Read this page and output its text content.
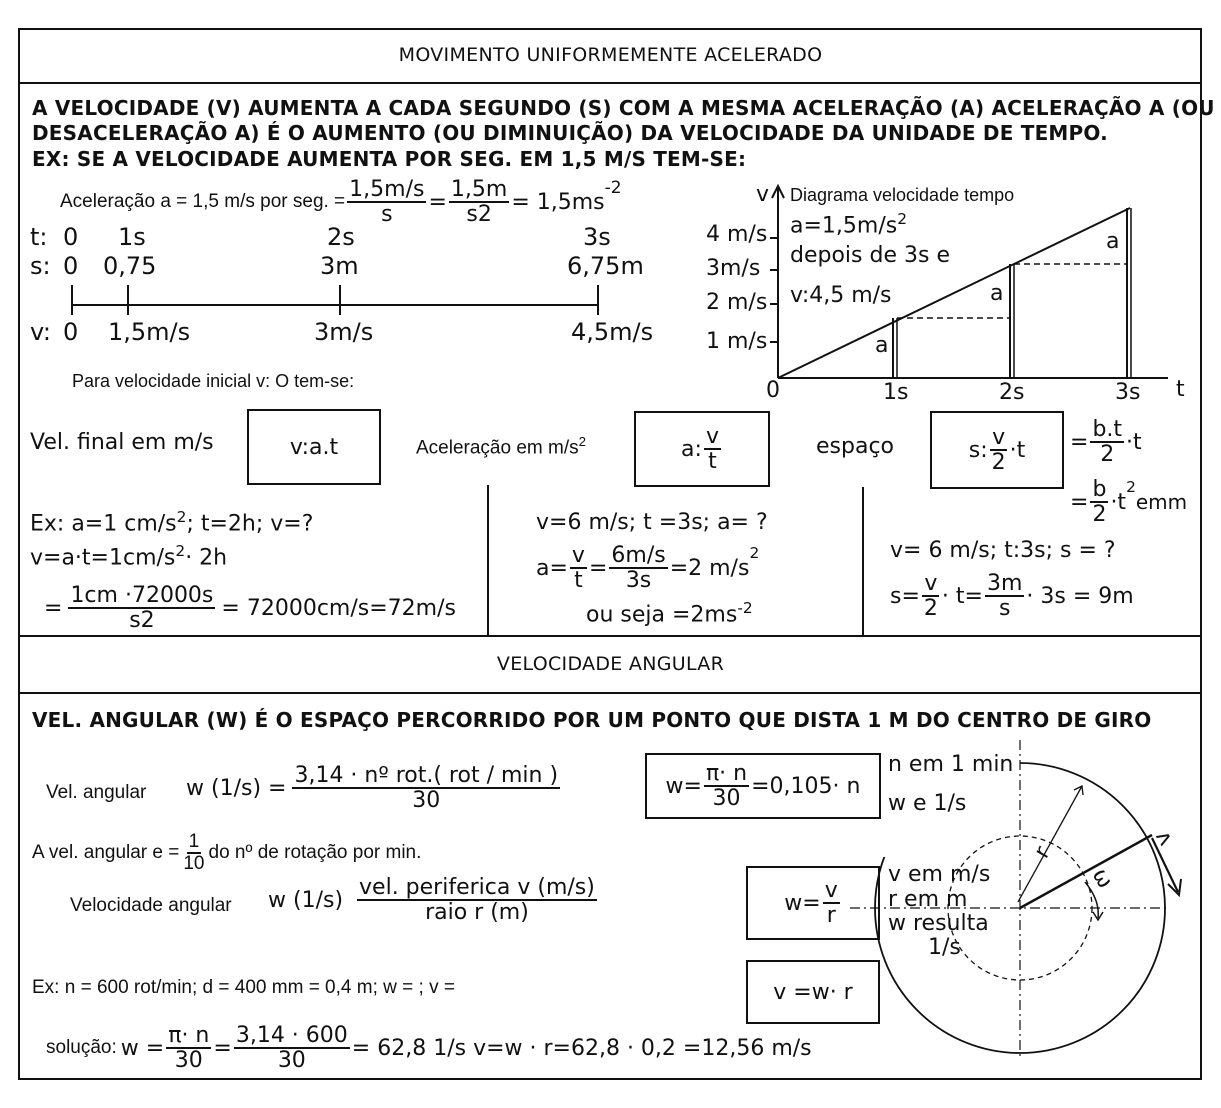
MOVIMENTO UNIFORMEMENTE ACELERADO
A VELOCIDADE (V) AUMENTA A CADA SEGUNDO (S) COM A MESMA ACELERAÇÃO (A) ACELERAÇÃO A (OU
DESACELERAÇÃO A) É O AUMENTO (OU DIMINUIÇÃO) DA VELOCIDADE DA UNIDADE DE TEMPO.
EX: SE A VELOCIDADE AUMENTA POR SEG. EM 1,5 M/S TEM-SE:
Aceleração a = 1,5 m/s por seg. = $\frac{1,5m/s}{s} = \frac{1,5m}{s2} = 1,5ms$
-2
t:
s:
v:
0 1s	2s	3s
0 0,75	3m	6,75m
0 1,5m/s	3m/s	4,5m/s
v
t
Diagrama velocidade tempo
$a=1,5m/s^2$
depois de 3s e
v:4,5 m/s
4 m/s
3m/s
2 m/s
1 m/s
0	1s	2s	3s
a
a
a
Para velocidade inicial v: O tem-se:
Vel. final em m/s	v:a.t	Aceleração em $m/s^2$	a: $\frac{v}{t}$	espaço	s: $\frac{v}{2} \cdot t = \frac{b.t}{2} \cdot t$
= $\frac{b}{2} \cdot t$
$^2$
emm
Ex: a=1 $cm/s^2$; t=2h; v=?
$v=a\cdot t=1cm/s^2\cdot 2h$
= $\frac{1cm \cdot 72000s}{s2} = 72000cm/s=72m/s$
v=6 m/s; t =3s; a= ?
$a= \frac{v}{t} = \frac{6m/s}{3s} =2$ m/s
$^2$
ou seja $=2ms^{-2}$
v= 6 m/s; t:3s; s = ?
$s= \frac{v}{2} \cdot t= \frac{3m}{s} \cdot 3s = 9m$
VELOCIDADE ANGULAR
VEL. ANGULAR (W) É O ESPAÇO PERCORRIDO POR UM PONTO QUE DISTA 1 M DO CENTRO DE GIRO
Vel. angular w $(1/s) = \frac{\text{3,14 · nº rot.( rot / min )}}{30}$	$w= \frac{\pi\cdot n}{30} =0,105\cdot n$
n em 1 min
w e 1/s
A vel. angular $e = \frac{1}{10}$ do nº de rotação por min.
Velocidade angular w $(1/s) \frac{\text{vel. periferica v (m/s)}}{\text{raio r (m)}}$	$w= \frac{v}{r}$
v em m/s
r em m
w resulta
1/s
Ex: n = 600 rot/min; d = 400 mm = 0,4 m; w = ; v =	v =w· r
solução: $w = \frac{\pi\cdot n}{30} = \frac{3,14 \cdot 600}{30} = 62,8$ 1/s v=w · r=62,8 · 0,2 =12,56 m/s
r
ω
v
